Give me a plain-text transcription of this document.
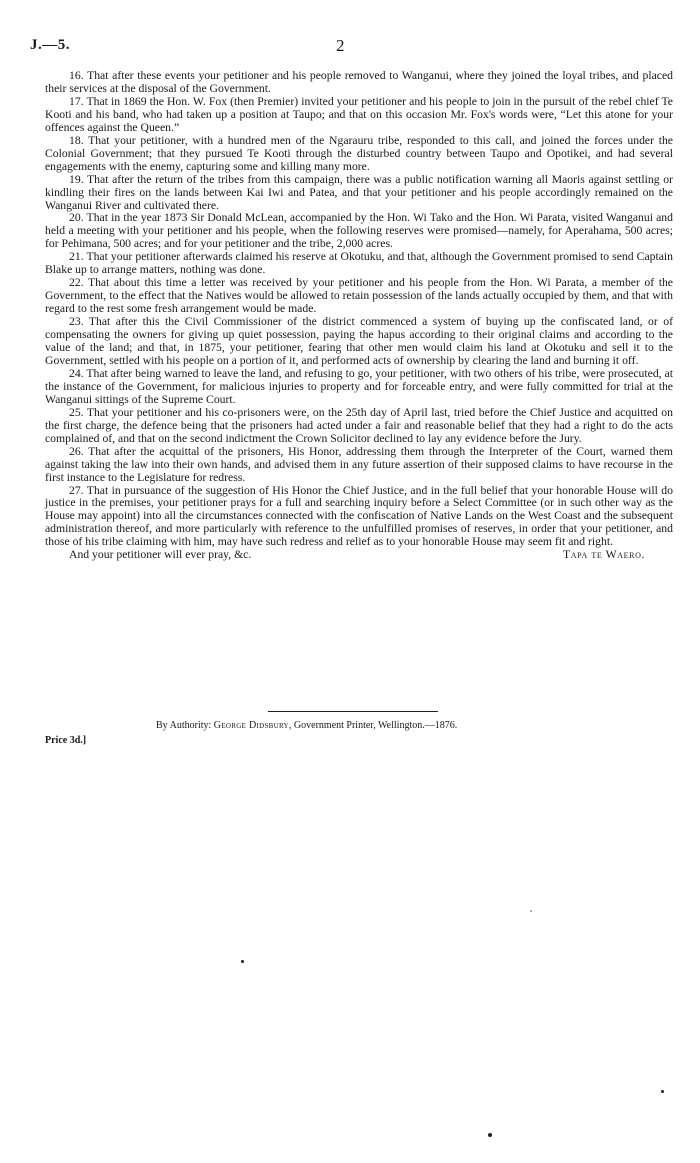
J.—5.	2

16. That after these events your petitioner and his people removed to Wanganui, where they joined the loyal tribes, and placed their services at the disposal of the Government.

17. That in 1869 the Hon. W. Fox (then Premier) invited your petitioner and his people to join in the pursuit of the rebel chief Te Kooti and his band, who had taken up a position at Taupo; and that on this occasion Mr. Fox's words were, “Let this atone for your offences against the Queen.”

18. That your petitioner, with a hundred men of the Ngarauru tribe, responded to this call, and joined the forces under the Colonial Government; that they pursued Te Kooti through the disturbed country between Taupo and Opotikei, and had several engagements with the enemy, capturing some and killing many more.

19. That after the return of the tribes from this campaign, there was a public notification warning all Maoris against settling or kindling their fires on the lands between Kai Iwi and Patea, and that your petitioner and his people accordingly remained on the Wanganui River and cultivated there.

20. That in the year 1873 Sir Donald McLean, accompanied by the Hon. Wi Tako and the Hon. Wi Parata, visited Wanganui and held a meeting with your petitioner and his people, when the following reserves were promised—namely, for Aperahama, 500 acres; for Pehimana, 500 acres; and for your petitioner and the tribe, 2,000 acres.

21. That your petitioner afterwards claimed his reserve at Okotuku, and that, although the Government promised to send Captain Blake up to arrange matters, nothing was done.

22. That about this time a letter was received by your petitioner and his people from the Hon. Wi Parata, a member of the Government, to the effect that the Natives would be allowed to retain possession of the lands actually occupied by them, and that with regard to the rest some fresh arrangement would be made.

23. That after this the Civil Commissioner of the district commenced a system of buying up the confiscated land, or of compensating the owners for giving up quiet possession, paying the hapus according to their original claims and according to the value of the land; and that, in 1875, your petitioner, fearing that other men would claim his land at Okotuku and sell it to the Government, settled with his people on a portion of it, and performed acts of ownership by clearing the land and burning it off.

24. That after being warned to leave the land, and refusing to go, your petitioner, with two others of his tribe, were prosecuted, at the instance of the Government, for malicious injuries to property and for forceable entry, and were fully committed for trial at the Wanganui sittings of the Supreme Court.

25. That your petitioner and his co-prisoners were, on the 25th day of April last, tried before the Chief Justice and acquitted on the first charge, the defence being that the prisoners had acted under a fair and reasonable belief that they had a right to do the acts complained of, and that on the second indictment the Crown Solicitor declined to lay any evidence before the Jury.

26. That after the acquittal of the prisoners, His Honor, addressing them through the Interpreter of the Court, warned them against taking the law into their own hands, and advised them in any future assertion of their supposed claims to have recourse in the first instance to the Legislature for redress.

27. That in pursuance of the suggestion of His Honor the Chief Justice, and in the full belief that your honorable House will do justice in the premises, your petitioner prays for a full and searching inquiry before a Select Committee (or in such other way as the House may appoint) into all the circumstances connected with the confiscation of Native Lands on the West Coast and the subsequent administration thereof, and more particularly with reference to the unfulfilled promises of reserves, in order that your petitioner, and those of his tribe claiming with him, may have such redress and relief as to your honorable House may seem fit and right.

And your petitioner will ever pray, &c.	Tapa te Waero.
By Authority: George Didsbury, Government Printer, Wellington.—1876.
Price 3d.]
